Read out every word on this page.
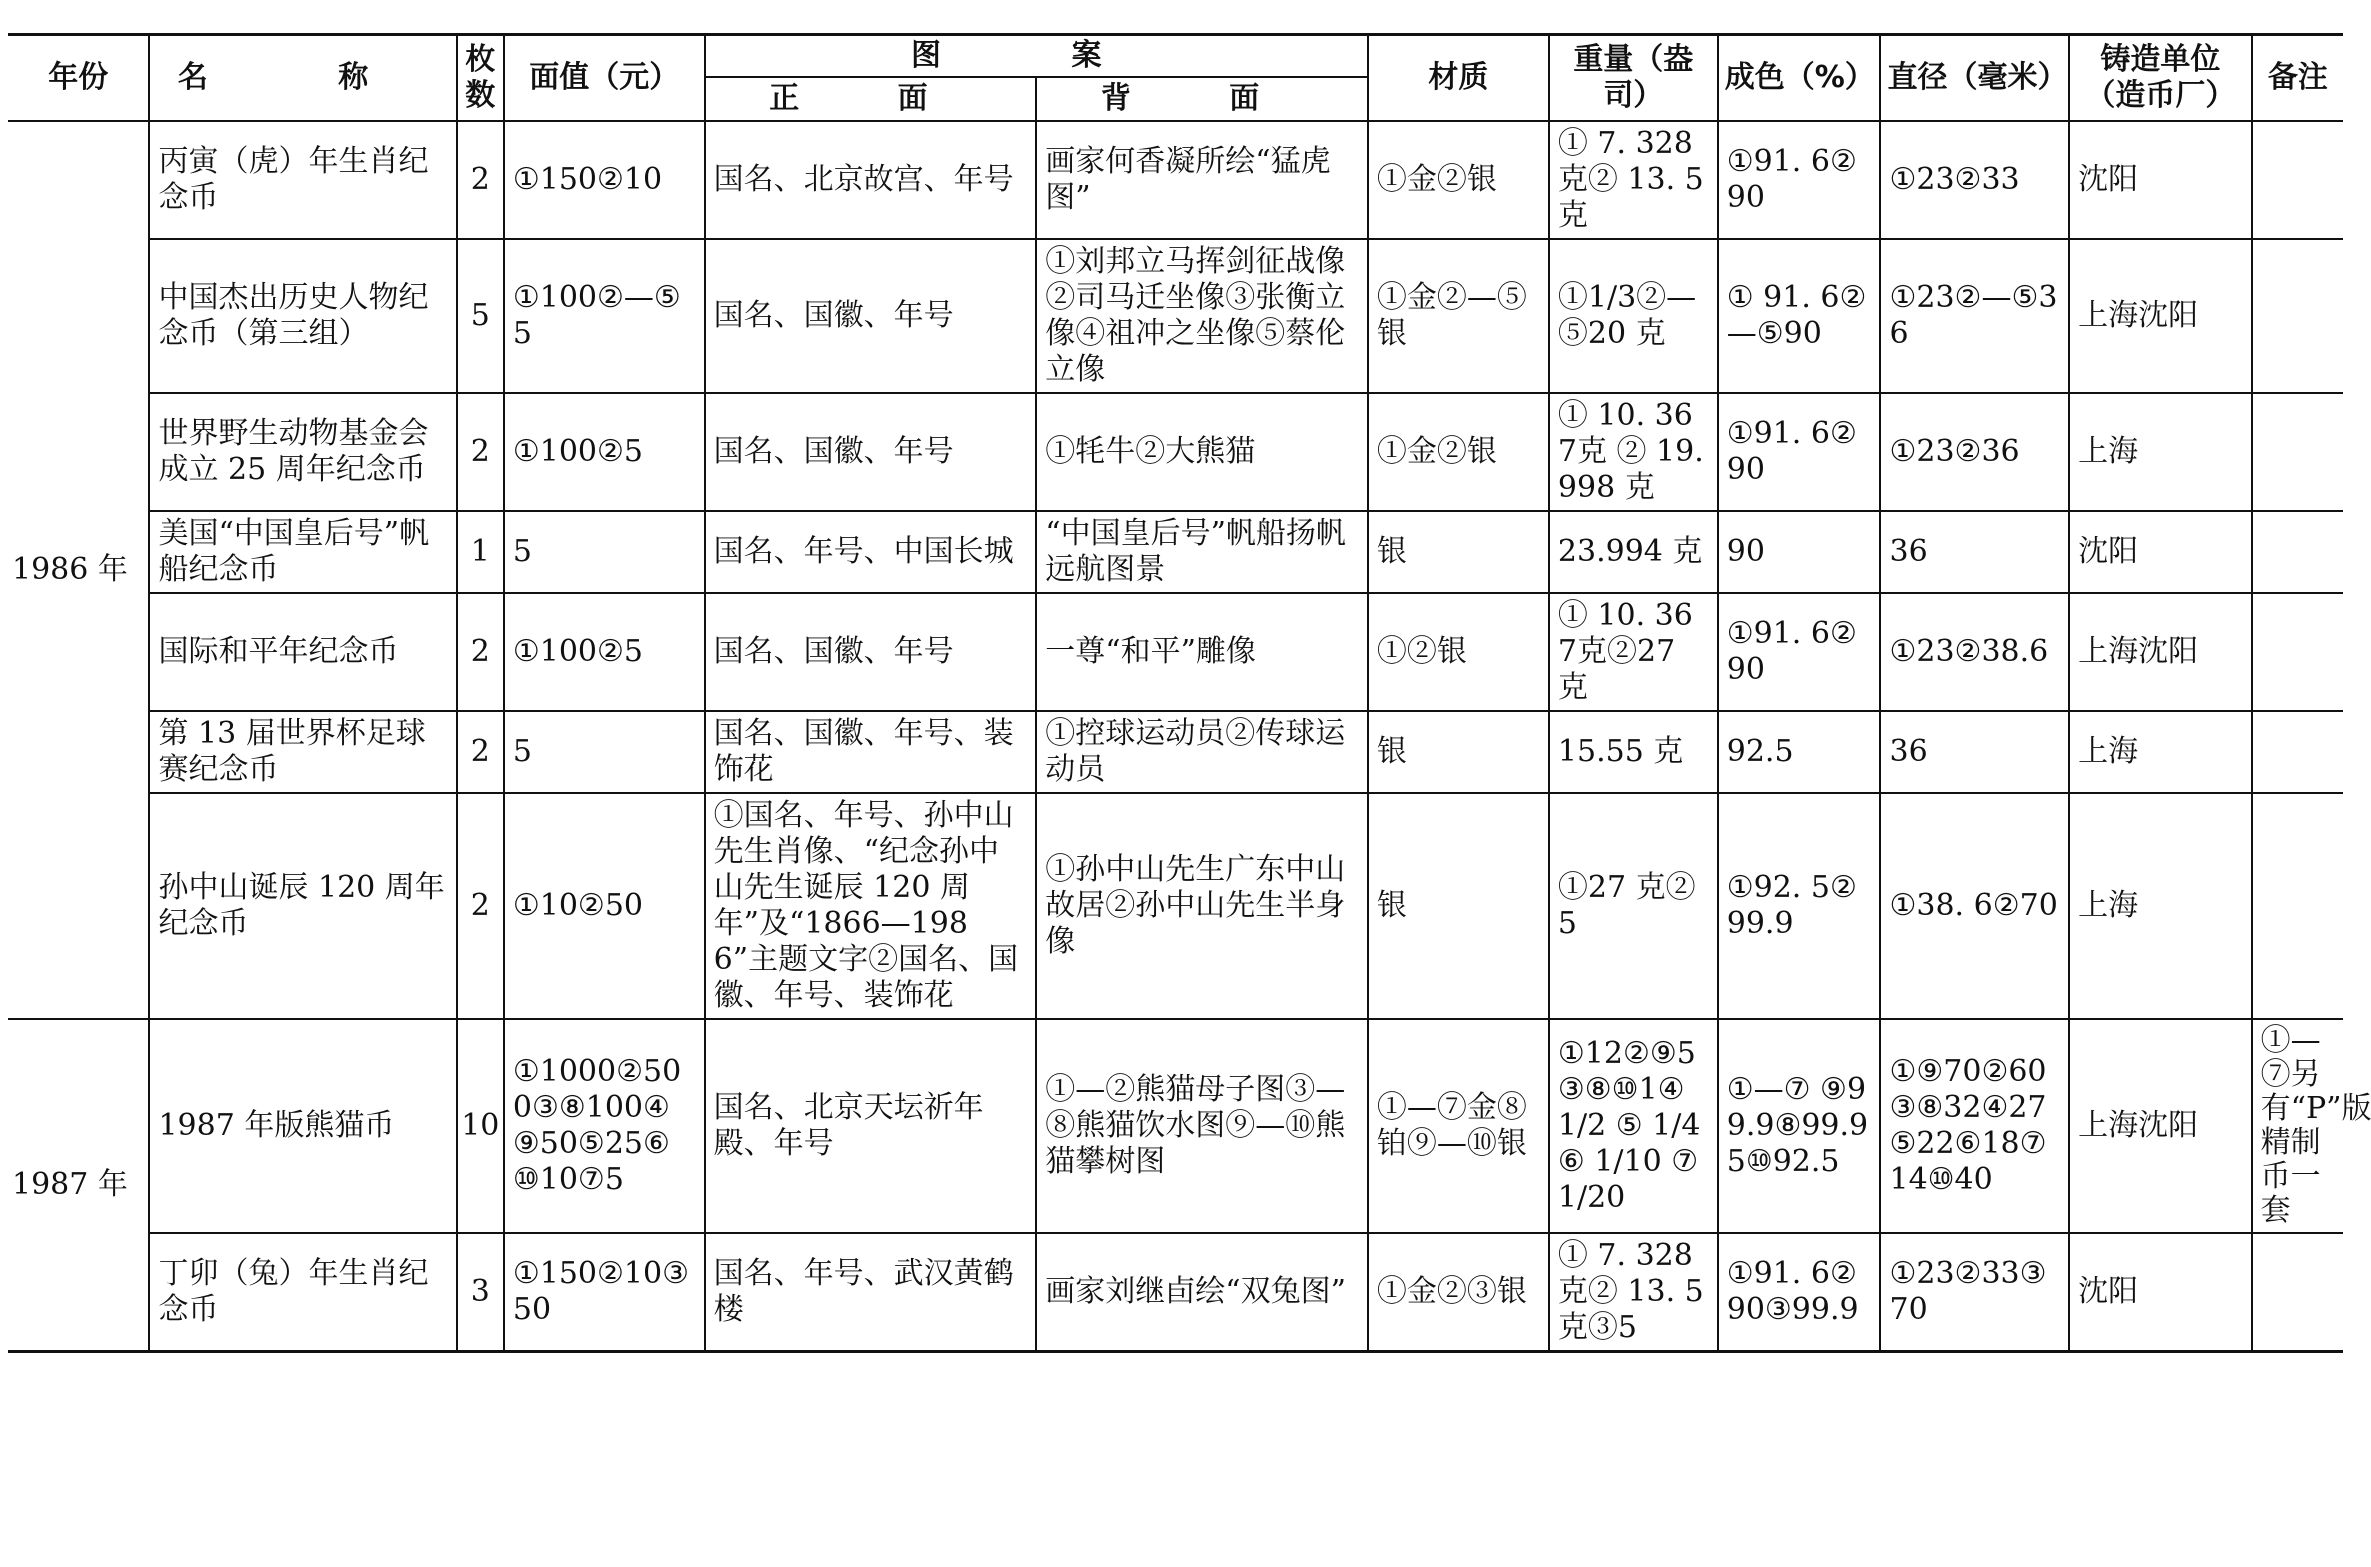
年份	名 称	枚数	面值（元）	图 案		材质	重量（盎司）	成色（%）	直径（毫米）	铸造单位（造币厂）	备注
				正 面	背 面						
1986 年	丙寅（虎）年生肖纪念币	2	①150②10	国名、北京故宫、年号	画家何香凝所绘“猛虎图”	①金②银	① 7. 328克② 13. 5克	①91. 6②90	①23②33	沈阳	
	中国杰出历史人物纪念币（第三组）	5	①100②—⑤5	国名、国徽、年号	①刘邦立马挥剑征战像②司马迁坐像③张衡立像④祖冲之坐像⑤蔡伦立像	①金②—⑤银	①1/3②—⑤20 克	① 91. 6②—⑤90	①23②—⑤36	上海沈阳	
	世界野生动物基金会成立 25 周年纪念币	2	①100②5	国名、国徽、年号	①牦牛②大熊猫	①金②银	① 10. 367克 ② 19. 998 克	①91. 6②90	①23②36	上海	
	美国“中国皇后号”帆船纪念币	1	5	国名、年号、中国长城	“中国皇后号”帆船扬帆远航图景	银	23.994 克	90	36	沈阳	
	国际和平年纪念币	2	①100②5	国名、国徽、年号	一尊“和平”雕像	①②银	① 10. 367克②27 克	①91. 6②90	①23②38.6	上海沈阳	
	第 13 届世界杯足球赛纪念币	2	5	国名、国徽、年号、装饰花	①控球运动员②传球运动员	银	15.55 克	92.5	36	上海	
	孙中山诞辰 120 周年纪念币	2	①10②50	①国名、年号、孙中山先生肖像、“纪念孙中山先生诞辰 120 周年”及“1866—1986”主题文字②国名、国徽、年号、装饰花	①孙中山先生广东中山故居②孙中山先生半身像	银	①27 克②5	①92. 5②99.9	①38. 6②70	上海	
1987 年	1987 年版熊猫币	10	①1000②500③⑧100④⑨50⑤25⑥⑩10⑦5	国名、北京天坛祈年殿、年号	①—②熊猫母子图③—⑧熊猫饮水图⑨—⑩熊猫攀树图	①—⑦金⑧铂⑨—⑩银	①12②⑨5③⑧⑩1④1/2 ⑤ 1/4⑥ 1/10 ⑦1/20	①—⑦ ⑨99.9⑧99.95⑩92.5	①⑨70②60③⑧32④27⑤22⑥18⑦14⑩40	上海沈阳	①—⑦另有“P”版精制币一套

	丁卯（兔）年生肖纪念币	3	①150②10③50	国名、年号、武汉黄鹤楼	画家刘继卣绘“双兔图”	①金②③银	① 7. 328克② 13. 5克③5	①91. 6②90③99.9	①23②33③70	沈阳	
